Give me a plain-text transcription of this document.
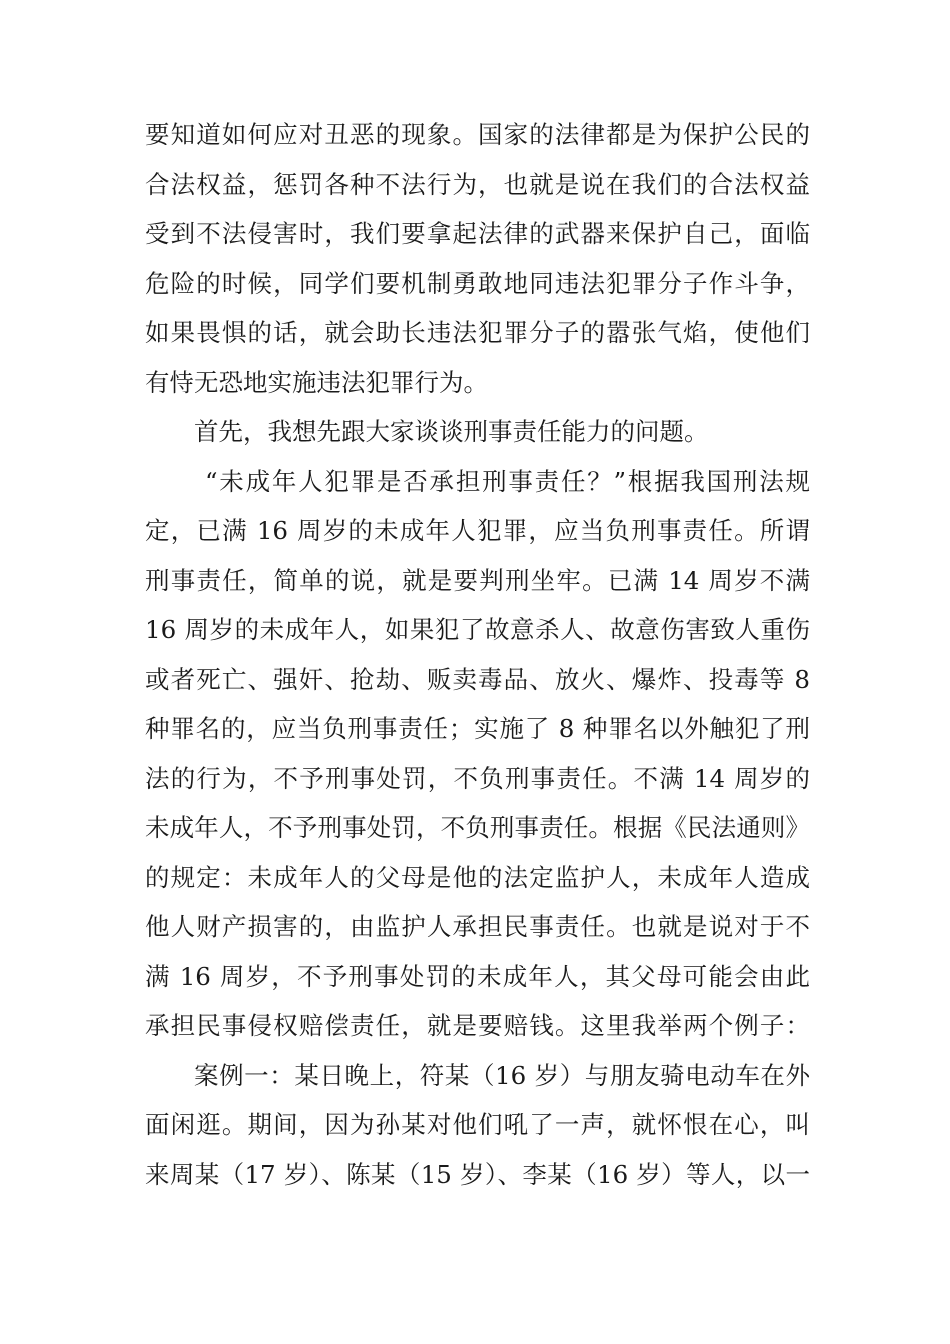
要知道如何应对丑恶的现象。国家的法律都是为保护公民的
合法权益，惩罚各种不法行为，也就是说在我们的合法权益
受到不法侵害时，我们要拿起法律的武器来保护自己，面临
危险的时候，同学们要机制勇敢地同违法犯罪分子作斗争，
如果畏惧的话，就会助长违法犯罪分子的嚣张气焰，使他们
有恃无恐地实施违法犯罪行为。
首先，我想先跟大家谈谈刑事责任能力的问题。
“未成年人犯罪是否承担刑事责任？”根据我国刑法规
定，已满 16 周岁的未成年人犯罪，应当负刑事责任。所谓
刑事责任，简单的说，就是要判刑坐牢。已满 14 周岁不满
16 周岁的未成年人，如果犯了故意杀人、故意伤害致人重伤
或者死亡、强奸、抢劫、贩卖毒品、放火、爆炸、投毒等 8
种罪名的，应当负刑事责任；实施了 8 种罪名以外触犯了刑
法的行为，不予刑事处罚，不负刑事责任。不满 14 周岁的
未成年人，不予刑事处罚，不负刑事责任。根据《民法通则》
的规定：未成年人的父母是他的法定监护人，未成年人造成
他人财产损害的，由监护人承担民事责任。也就是说对于不
满 16 周岁，不予刑事处罚的未成年人，其父母可能会由此
承担民事侵权赔偿责任，就是要赔钱。这里我举两个例子：
案例一：某日晚上，符某（16 岁）与朋友骑电动车在外
面闲逛。期间，因为孙某对他们吼了一声，就怀恨在心，叫
来周某（17 岁）、陈某（15 岁）、李某（16 岁）等人，以一
